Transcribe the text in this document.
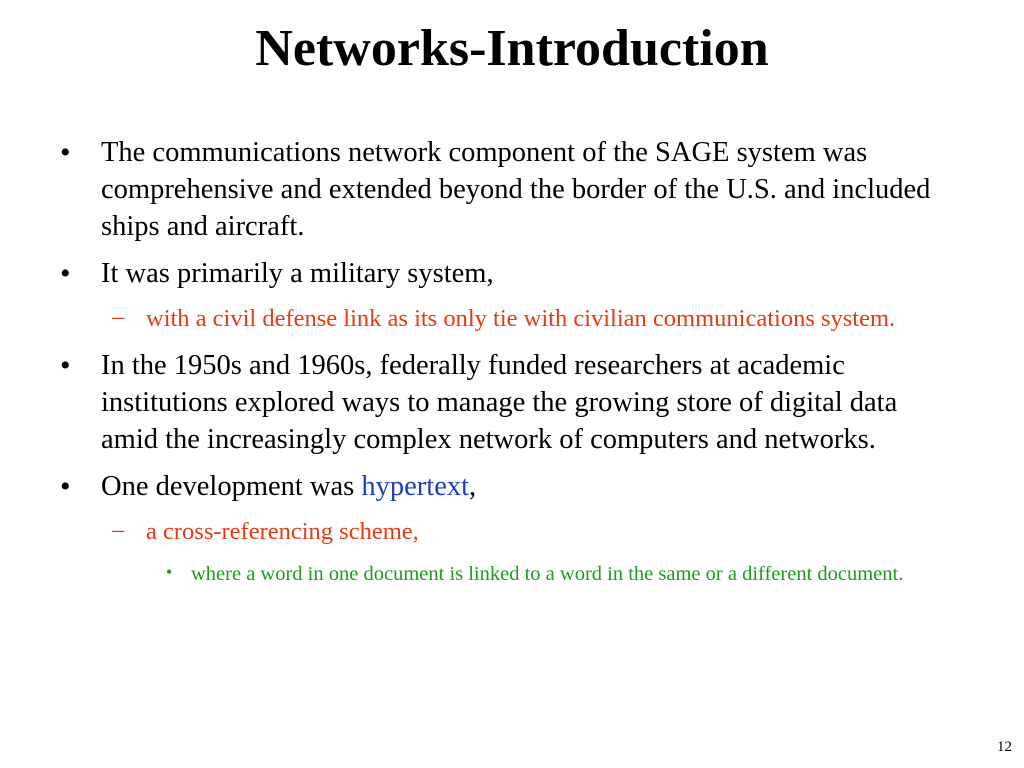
Networks-Introduction
• The communications network component of the SAGE system was comprehensive and extended beyond the border of the U.S. and included ships and aircraft.
• It was primarily a military system,
– with a civil defense link as its only tie with civilian communications system.
• In the 1950s and 1960s, federally funded researchers at academic institutions explored ways to manage the growing store of digital data amid the increasingly complex network of computers and networks.
• One development was hypertext,
– a cross-referencing scheme,
• where a word in one document is linked to a word in the same or a different document.
12
